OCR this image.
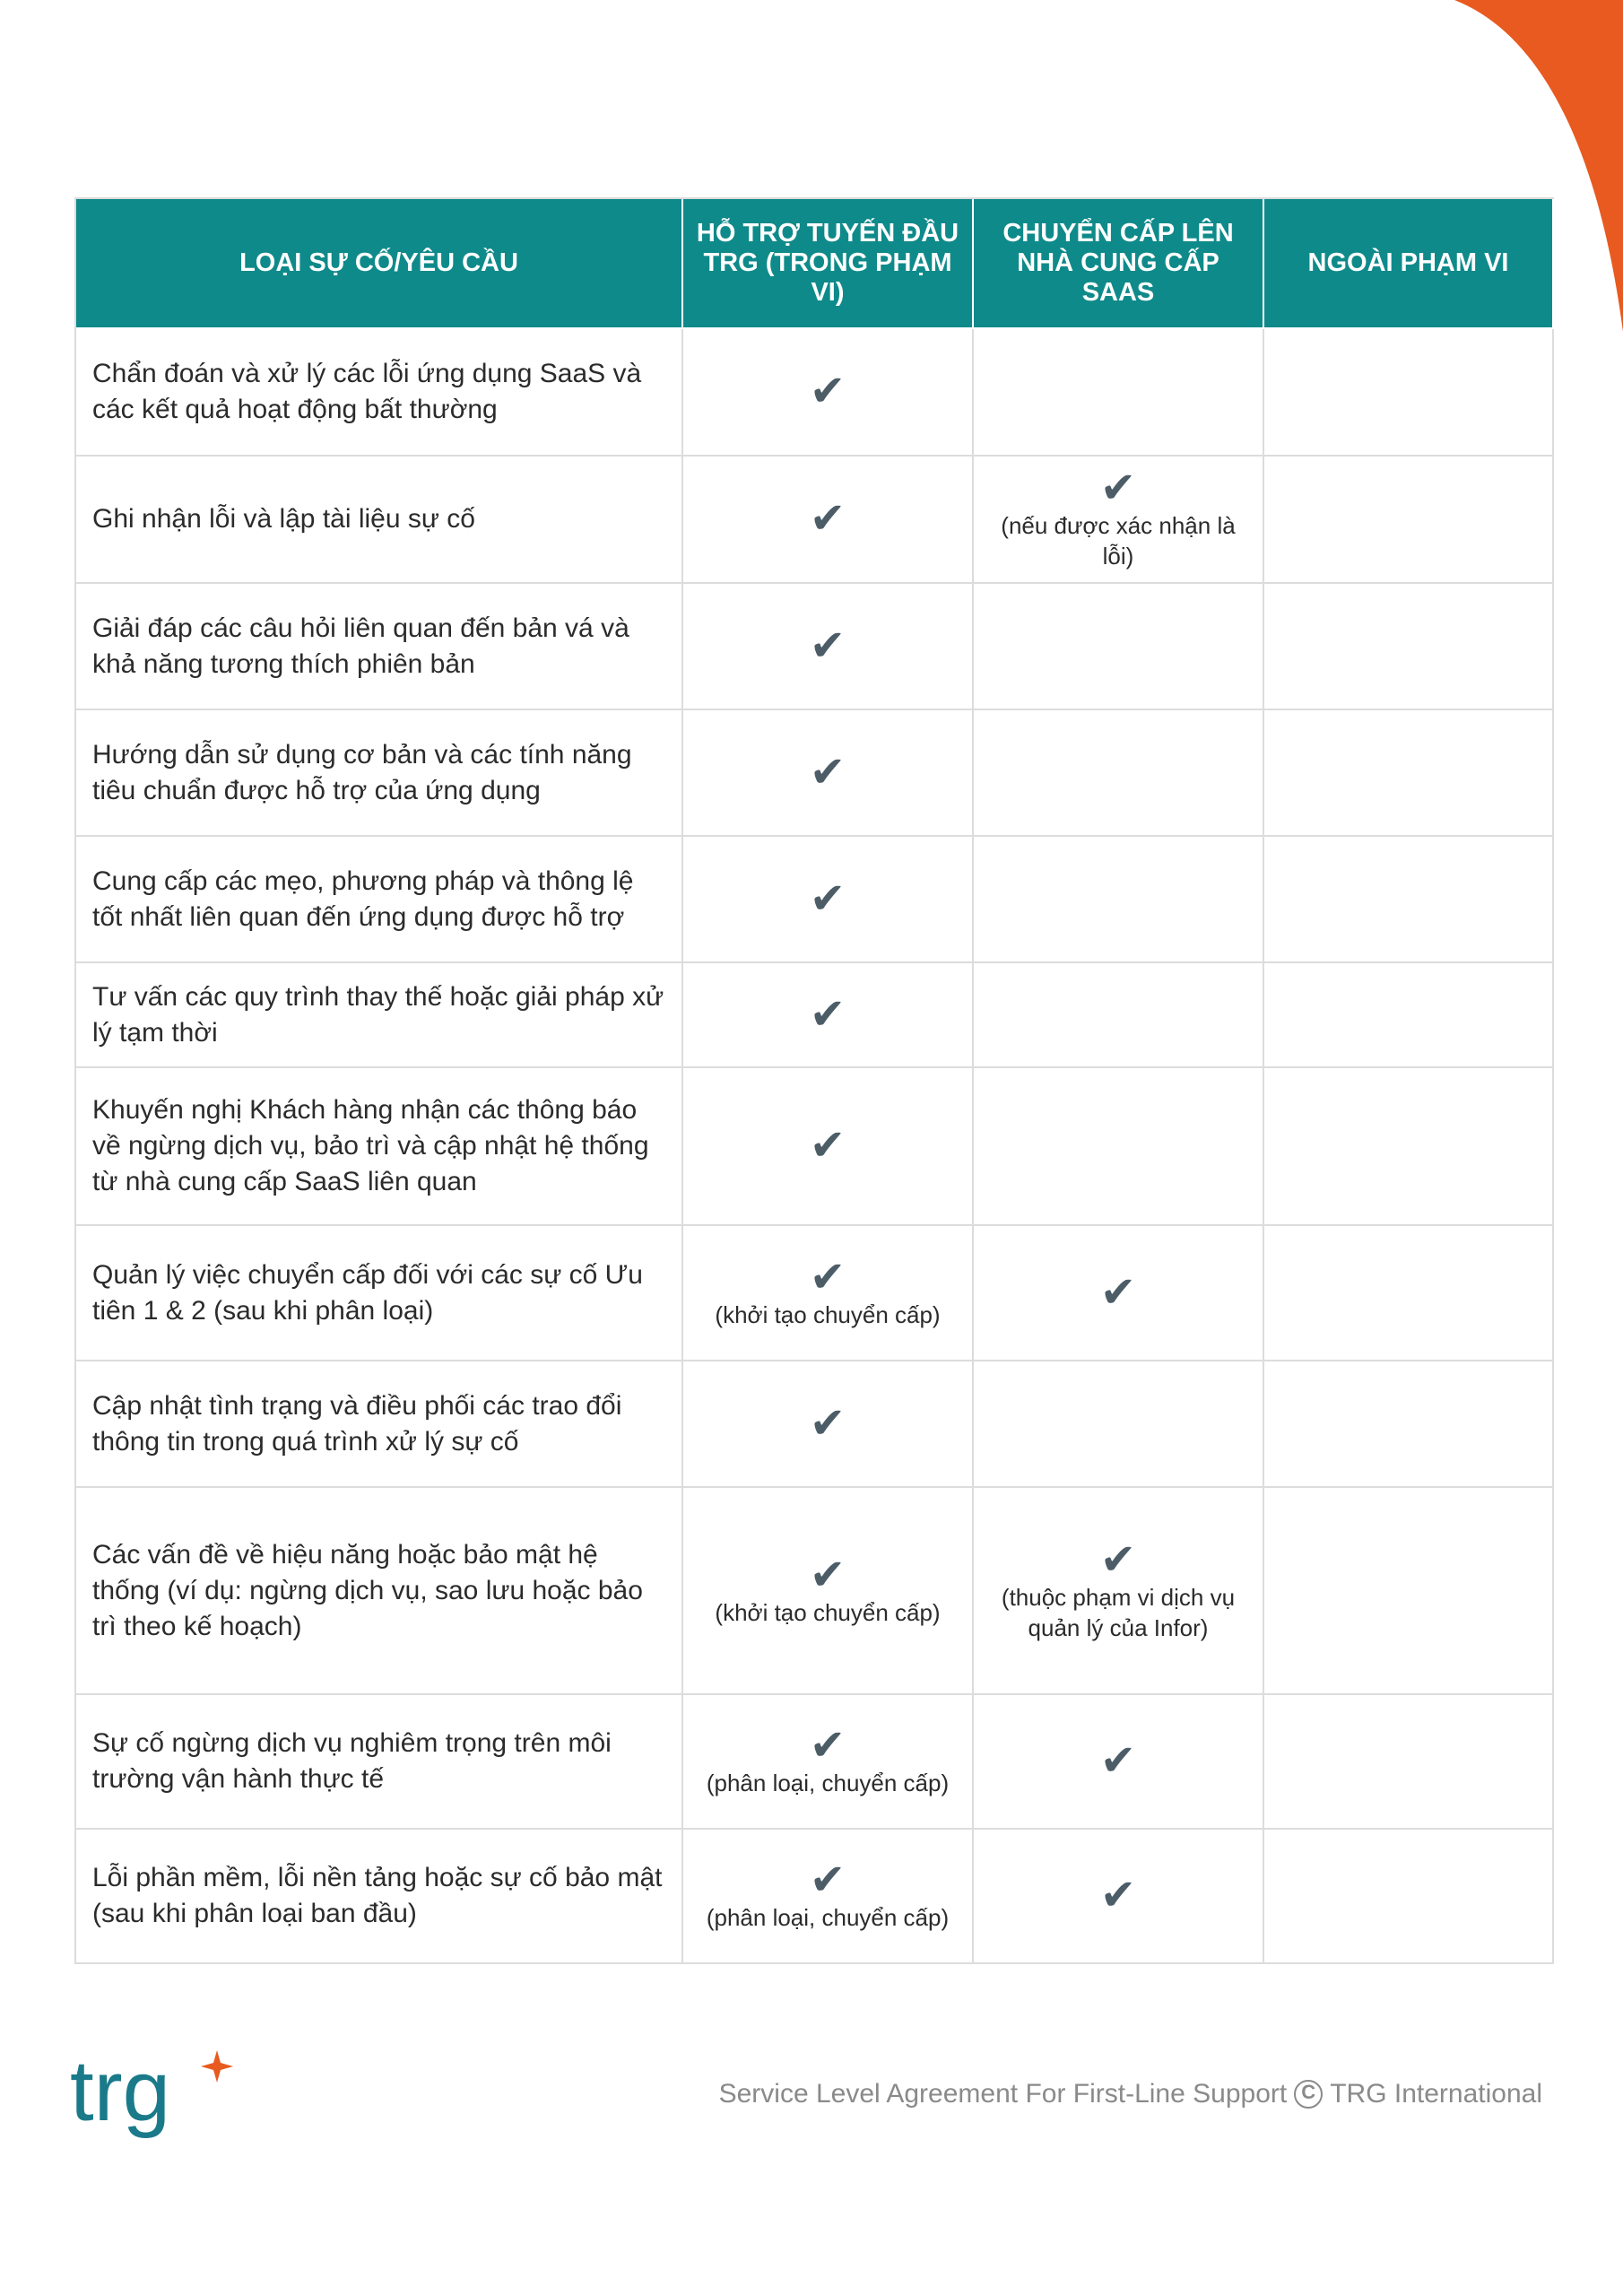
LOẠI SỰ CỐ/YÊU CẦU
HỖ TRỢ TUYẾN ĐẦU TRG (TRONG PHẠM VI)
CHUYỂN CẤP LÊN NHÀ CUNG CẤP SAAS
NGOÀI PHẠM VI
Chẩn đoán và xử lý các lỗi ứng dụng SaaS và các kết quả hoạt động bất thường	✔
Ghi nhận lỗi và lập tài liệu sự cố	✔
✔
(nếu được xác nhận là lỗi)
Giải đáp các câu hỏi liên quan đến bản vá và khả năng tương thích phiên bản	✔
Hướng dẫn sử dụng cơ bản và các tính năng tiêu chuẩn được hỗ trợ của ứng dụng	✔
Cung cấp các mẹo, phương pháp và thông lệ tốt nhất liên quan đến ứng dụng được hỗ trợ	✔
Tư vấn các quy trình thay thế hoặc giải pháp xử lý tạm thời	✔
Khuyến nghị Khách hàng nhận các thông báo về ngừng dịch vụ, bảo trì và cập nhật hệ thống từ nhà cung cấp SaaS liên quan
✔
Quản lý việc chuyển cấp đối với các sự cố Ưu tiên 1 & 2 (sau khi phân loại)
✔
(khởi tạo chuyển cấp)	✔
Cập nhật tình trạng và điều phối các trao đổi thông tin trong quá trình xử lý sự cố	✔
Các vấn đề về hiệu năng hoặc bảo mật hệ thống (ví dụ: ngừng dịch vụ, sao lưu hoặc bảo trì theo kế hoạch)
✔
(khởi tạo chuyển cấp)
✔
(thuộc phạm vi dịch vụ quản lý của Infor)
Sự cố ngừng dịch vụ nghiêm trọng trên môi trường vận hành thực tế
✔
(phân loại, chuyển cấp)	✔
Lỗi phần mềm, lỗi nền tảng hoặc sự cố bảo mật (sau khi phân loại ban đầu)
✔
(phân loại, chuyển cấp)	✔
trg	Service Level Agreement For First-Line Support
C TRG International
